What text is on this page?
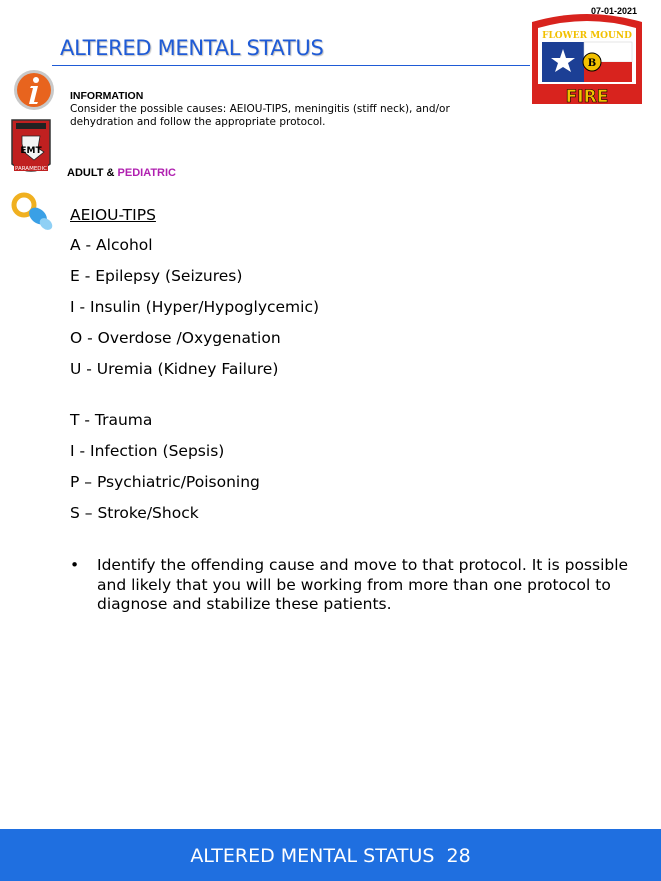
07-01-2021
ALTERED MENTAL STATUS
B
FLOWER MOUND
FIRE
EMT
PARAMEDIC
INFORMATION
Consider the possible causes: AEIOU-TIPS, meningitis (stiff neck), and/or dehydration and follow the appropriate protocol.
ADULT & PEDIATRIC
AEIOU-TIPS
A - Alcohol
E - Epilepsy (Seizures)
I - Insulin (Hyper/Hypoglycemic)
O - Overdose /Oxygenation
U - Uremia (Kidney Failure)
T - Trauma
I - Infection (Sepsis)
P – Psychiatric/Poisoning
S – Stroke/Shock
• Identify the offending cause and move to that protocol. It is possible and likely that you will be working from more than one protocol to diagnose and stabilize these patients.
ALTERED MENTAL STATUS  28
